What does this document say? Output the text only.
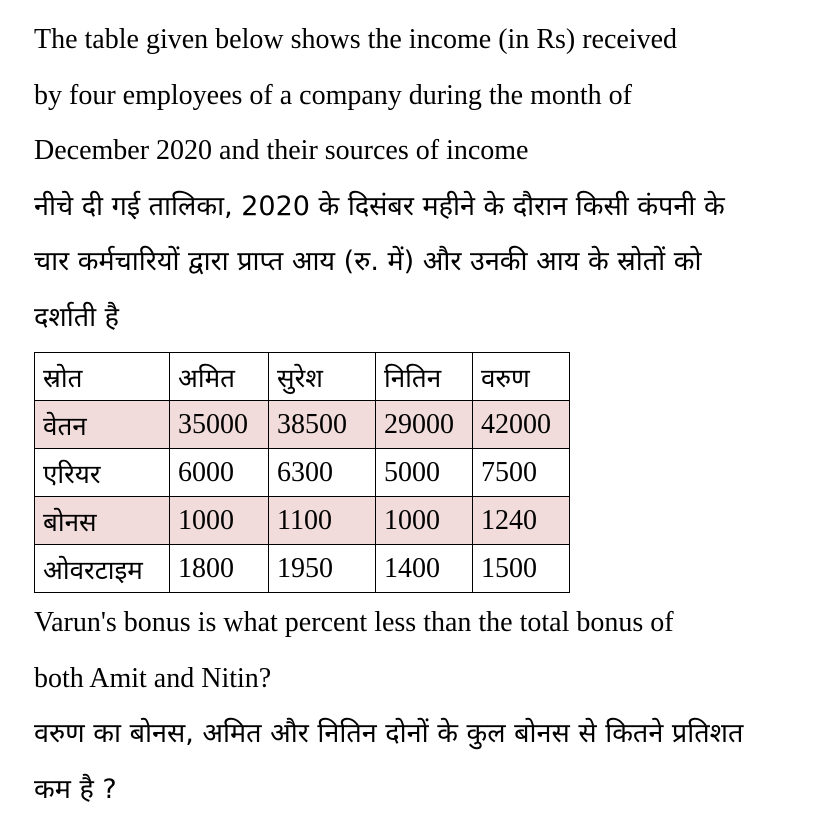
The table given below shows the income (in Rs) received
by four employees of a company during the month of
December 2020 and their sources of income
नीचे दी गई तालिका, 2020 के दिसंबर महीने के दौरान किसी कंपनी के
चार कर्मचारियों द्वारा प्राप्त आय (रु. में) और उनकी आय के स्रोतों को
दर्शाती है
स्रोत	अमित	सुरेश	नितिन	वरुण
वेतन	35000	38500	29000	42000
एरियर	6000	6300	5000	7500
बोनस	1000	1100	1000	1240
ओवरटाइम	1800	1950	1400	1500
Varun's bonus is what percent less than the total bonus of
both Amit and Nitin?
वरुण का बोनस, अमित और नितिन दोनों के कुल बोनस से कितने प्रतिशत
कम है ?
